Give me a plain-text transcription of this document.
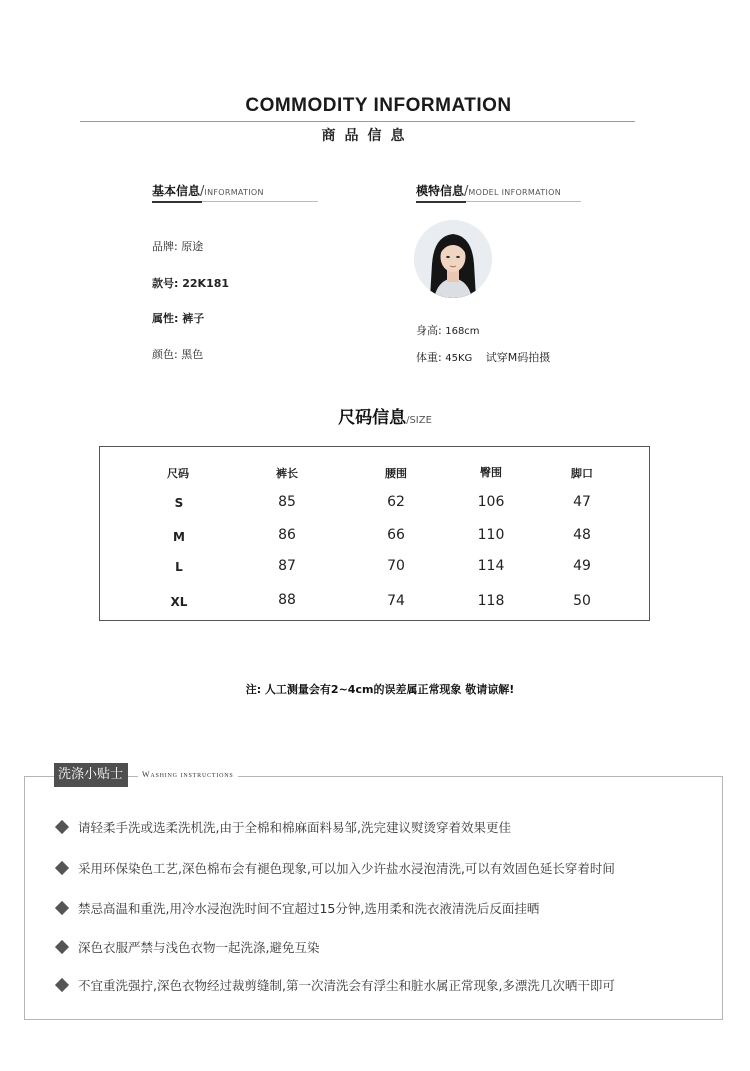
COMMODITY INFORMATION
商品信息
基本信息/INFORMATION
品牌: 原途
款号: 22K181
属性: 裤子
颜色: 黑色
模特信息/MODEL INFORMATION
身高: 168cm
体重: 45KG 试穿M码拍摄
尺码信息/SIZE
尺码	裤长	腰围	臀围	脚口
S	85	62	106	47
M	86	66	110	48
L	87	70	114	49
XL	88	74	118	50
注: 人工测量会有2~4cm的误差属正常现象 敬请谅解!
洗涤小贴士	Washing instructions
请轻柔手洗或选柔洗机洗,由于全棉和棉麻面料易邹,洗完建议熨烫穿着效果更佳
采用环保染色工艺,深色棉布会有褪色现象,可以加入少许盐水浸泡清洗,可以有效固色延长穿着时间
禁忌高温和重洗,用冷水浸泡洗时间不宜超过15分钟,选用柔和洗衣液清洗后反面挂晒
深色衣服严禁与浅色衣物一起洗涤,避免互染
不宜重洗强拧,深色衣物经过裁剪缝制,第一次清洗会有浮尘和脏水属正常现象,多漂洗几次晒干即可
